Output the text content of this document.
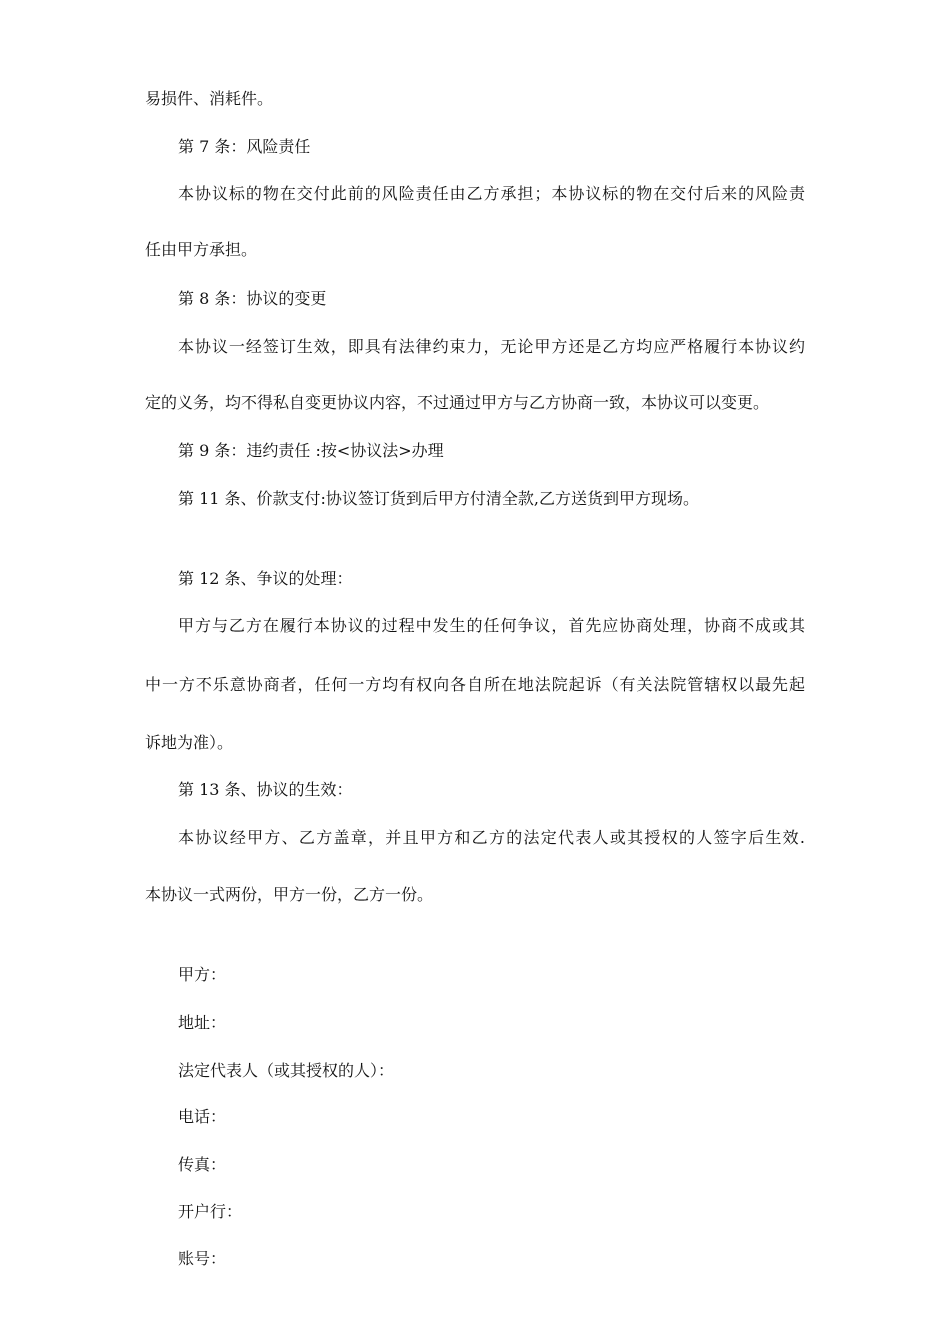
易损件、消耗件。
第 7 条：风险责任
本协议标的物在交付此前的风险责任由乙方承担；本协议标的物在交付后来的风险责
任由甲方承担。
第 8 条：协议的变更
本协议一经签订生效，即具有法律约束力，无论甲方还是乙方均应严格履行本协议约
定的义务，均不得私自变更协议内容，不过通过甲方与乙方协商一致，本协议可以变更。
第 9 条：违约责任 :按<协议法>办理
第 11 条、价款支付:协议签订货到后甲方付清全款,乙方送货到甲方现场。
第 12 条、争议的处理：
甲方与乙方在履行本协议的过程中发生的任何争议，首先应协商处理，协商不成或其
中一方不乐意协商者，任何一方均有权向各自所在地法院起诉（有关法院管辖权以最先起
诉地为准）。
第 13 条、协议的生效：
本协议经甲方、乙方盖章，并且甲方和乙方的法定代表人或其授权的人签字后生效.
本协议一式两份，甲方一份，乙方一份。
甲方：
地址：
法定代表人（或其授权的人）：
电话：
传真：
开户行：
账号：
